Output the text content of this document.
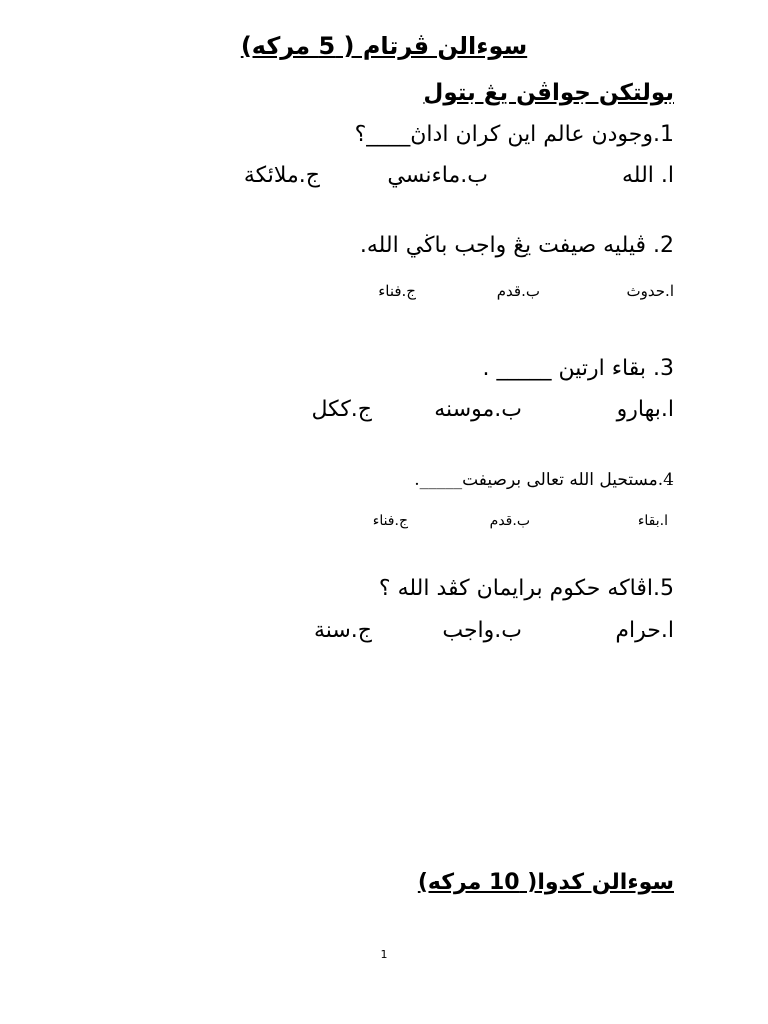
سوءالن ڤرتام ( 5 مركه)
بولتكن جواڤن يڠ بتول
1.وجودن عالم اين كران اداڽ____؟
ا. الله
ب.ماءنسي
ج.ملائكة
2. ڤيليه صيفت يڠ واجب باڬي الله.
ا.حدوث
ب.قدم
ج.فناء
3. بقاء ارتين _____ .
ا.بهارو
ب.موسنه
ج.ككل
4.مستحيل الله تعالى برصيفت_____.
ا.بقاء
ب.قدم
ج.فناء
5.اڤاكه حكوم برايمان كڤد الله ؟
ا.حرام
ب.واجب
ج.سنة
سوءالن كدوا( 10 مركه)
1
